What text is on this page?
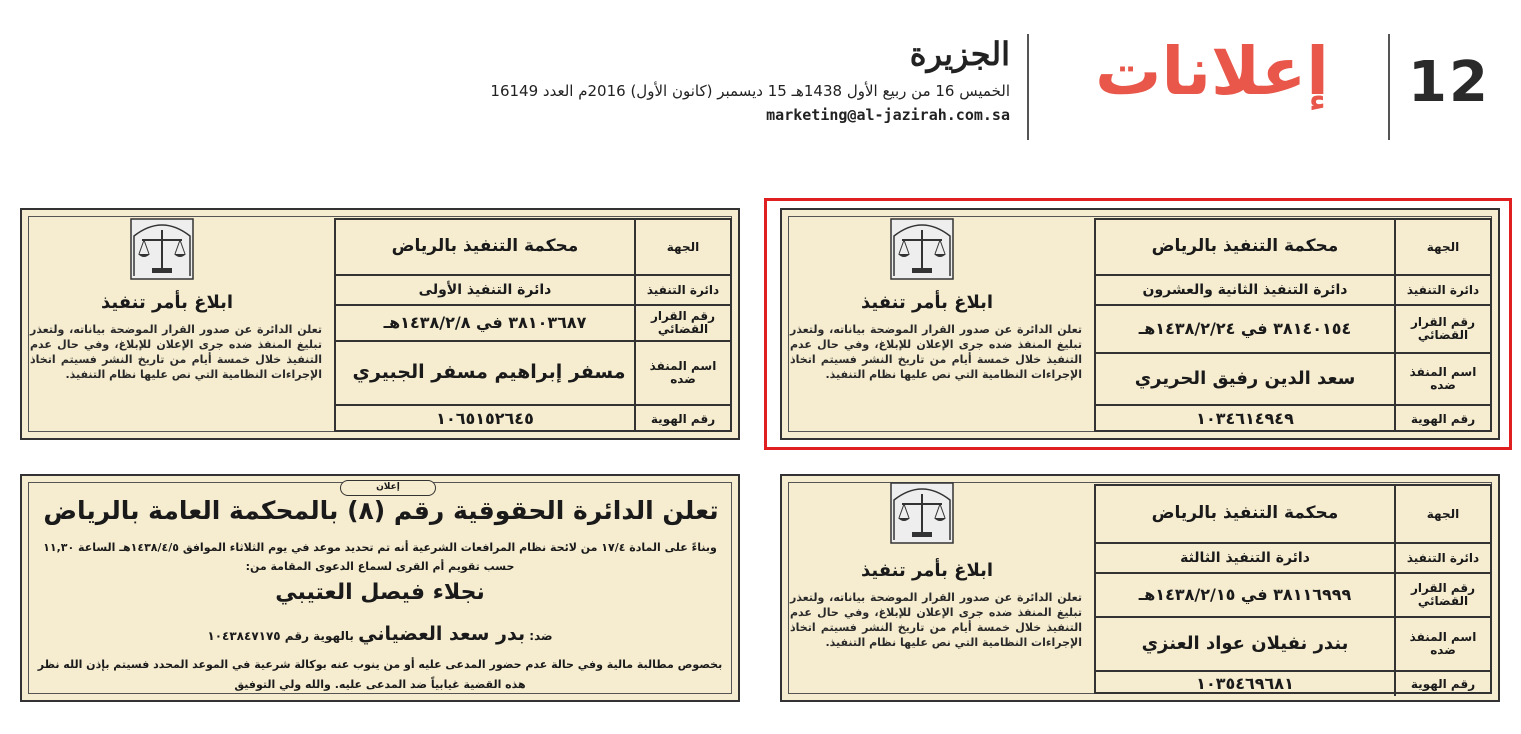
12
إعلانات
الجزيرة
الخميس 16 من ربيع الأول 1438هـ 15 ديسمبر (كانون الأول) 2016م العدد 16149
marketing@al-jazirah.com.sa
الجهة
محكمة التنفيذ بالرياض
دائرة التنفيذ
دائرة التنفيذ الثانية والعشرون
رقم القرار القضائي
٣٨١٤٠١٥٤ في ١٤٣٨/٢/٢٤هـ
اسم المنفذ ضده
سعد الدين رفيق الحريري
رقم الهوية
١٠٣٤٦١٤٩٤٩
ابلاغ بأمر تنفيذ
تعلن الدائرة عن صدور القرار الموضحة بياناته، ولتعذر تبليغ المنفذ ضده جرى الإعلان للإبلاغ، وفي حال عدم التنفيذ خلال خمسة أيام من تاريخ النشر فسيتم اتخاذ الإجراءات النظامية التي نص عليها نظام التنفيذ.
الجهة
محكمة التنفيذ بالرياض
دائرة التنفيذ
دائرة التنفيذ الأولى
رقم القرار القضائي
٣٨١٠٣٦٨٧ في ١٤٣٨/٢/٨هـ
اسم المنفذ ضده
مسفر إبراهيم مسفر الجبيري
رقم الهوية
١٠٦٥١٥٢٦٤٥
ابلاغ بأمر تنفيذ
تعلن الدائرة عن صدور القرار الموضحة بياناته، ولتعذر تبليغ المنفذ ضده جرى الإعلان للإبلاغ، وفي حال عدم التنفيذ خلال خمسة أيام من تاريخ النشر فسيتم اتخاذ الإجراءات النظامية التي نص عليها نظام التنفيذ.
الجهة
محكمة التنفيذ بالرياض
دائرة التنفيذ
دائرة التنفيذ الثالثة
رقم القرار القضائي
٣٨١١٦٩٩٩ في ١٤٣٨/٢/١٥هـ
اسم المنفذ ضده
بندر نفيلان عواد العنزي
رقم الهوية
١٠٣٥٤٦٩٦٨١
ابلاغ بأمر تنفيذ
تعلن الدائرة عن صدور القرار الموضحة بياناته، ولتعذر تبليغ المنفذ ضده جرى الإعلان للإبلاغ، وفي حال عدم التنفيذ خلال خمسة أيام من تاريخ النشر فسيتم اتخاذ الإجراءات النظامية التي نص عليها نظام التنفيذ.
إعلان
تعلن الدائرة الحقوقية رقم (٨) بالمحكمة العامة بالرياض
وبناءً على المادة ١٧/٤ من لائحة نظام المرافعات الشرعية أنه تم تحديد موعد في يوم الثلاثاء الموافق ١٤٣٨/٤/٥هـ الساعة ١١,٣٠ حسب تقويم أم القرى لسماع الدعوى المقامة من:
نجلاء فيصل العتيبي
ضد: بدر سعد العضياني بالهوية رقم ١٠٤٣٨٤٧١٧٥
بخصوص مطالبة مالية وفي حالة عدم حضور المدعى عليه أو من ينوب عنه بوكالة شرعية في الموعد المحدد فسيتم بإذن الله نظر هذه القضية غيابياً ضد المدعى عليه. والله ولي التوفيق
